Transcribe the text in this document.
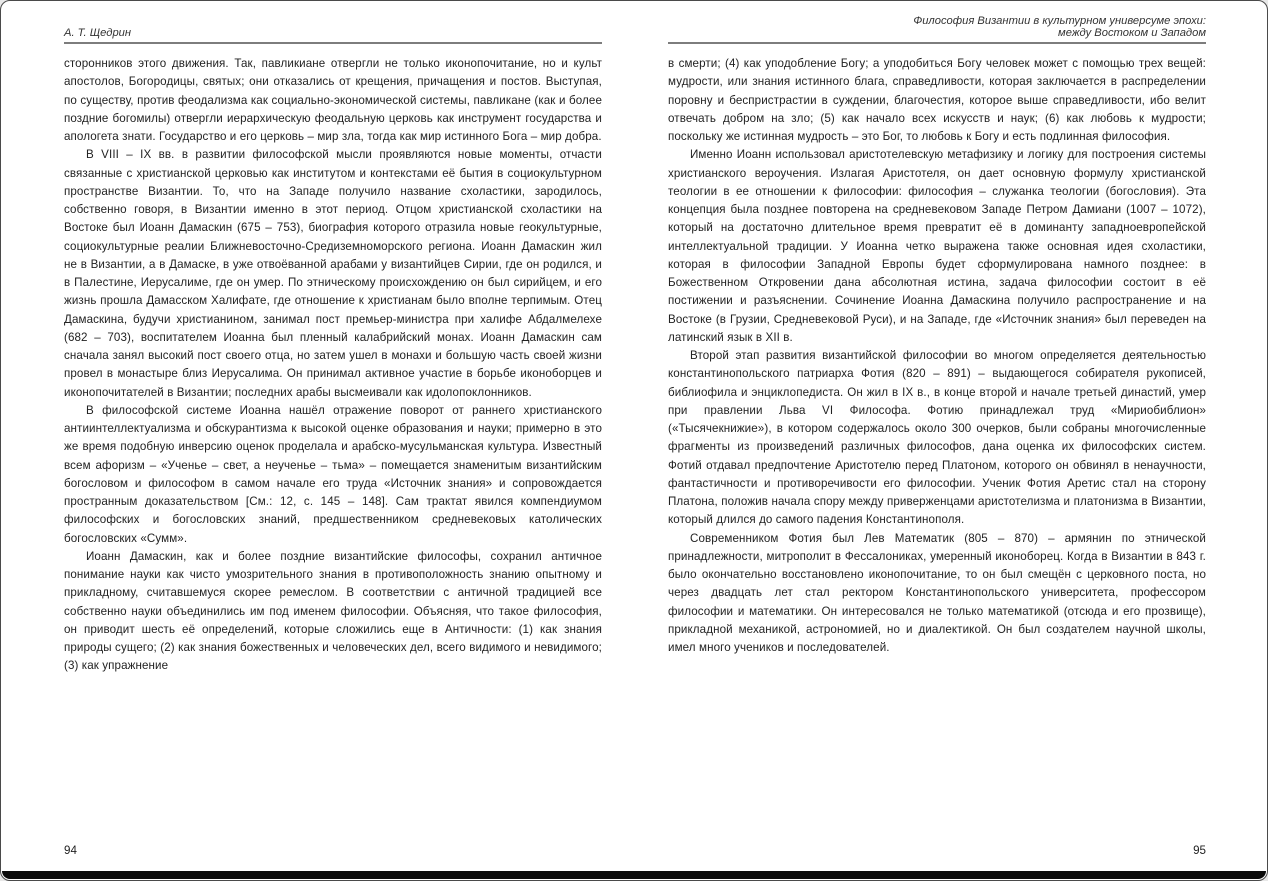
А. Т. Щедрин

сторонников этого движения. Так, павликиане отвергли не только иконопочитание, но и культ апостолов, Богородицы, святых; они отказались от крещения, причащения и постов. Выступая, по существу, против феодализма как социально-экономической системы, павликане (как и более поздние богомилы) отвергли иерархическую феодальную церковь как инструмент государства и апологета знати. Государство и его церковь – мир зла, тогда как мир истинного Бога – мир добра.

В VIII – IX вв. в развитии философской мысли проявляются новые моменты, отчасти связанные с христианской церковью как институтом и контекстами её бытия в социокультурном пространстве Византии. То, что на Западе получило название схоластики, зародилось, собственно говоря, в Византии именно в этот период. Отцом христианской схоластики на Востоке был Иоанн Дамаскин (675 – 753), биография которого отразила новые геокультурные, социокультурные реалии Ближневосточно-Средиземноморского региона. Иоанн Дамаскин жил не в Византии, а в Дамаске, в уже отвоёванной арабами у византийцев Сирии, где он родился, и в Палестине, Иерусалиме, где он умер. По этническому происхождению он был сирийцем, и его жизнь прошла Дамасском Халифате, где отношение к христианам было вполне терпимым. Отец Дамаскина, будучи христианином, занимал пост премьер-министра при халифе Абдалмелехе (682 – 703), воспитателем Иоанна был пленный калабрийский монах. Иоанн Дамаскин сам сначала занял высокий пост своего отца, но затем ушел в монахи и большую часть своей жизни провел в монастыре близ Иерусалима. Он принимал активное участие в борьбе иконоборцев и иконопочитателей в Византии; последних арабы высмеивали как идолопоклонников.

В философской системе Иоанна нашёл отражение поворот от раннего христианского антиинтеллектуализма и обскурантизма к высокой оценке образования и науки; примерно в это же время подобную инверсию оценок проделала и арабско-мусульманская культура. Известный всем афоризм – «Ученье – свет, а неученье – тьма» – помещается знаменитым византийским богословом и философом в самом начале его труда «Источник знания» и сопровождается пространным доказательством [См.: 12, с. 145 – 148]. Сам трактат явился компендиумом философских и богословских знаний, предшественником средневековых католических богословских «Сумм».

Иоанн Дамаскин, как и более поздние византийские философы, сохранил античное понимание науки как чисто умозрительного знания в противоположность знанию опытному и прикладному, считавшемуся скорее ремеслом. В соответствии с античной традицией все собственно науки объединились им под именем философии. Объясняя, что такое философия, он приводит шесть её определений, которые сложились еще в Античности: (1) как знания природы сущего; (2) как знания божественных и человеческих дел, всего видимого и невидимого; (3) как упражнение

94
Философия Византии в культурном универсуме эпохи:
между Востоком и Западом

в смерти; (4) как уподобление Богу; а уподобиться Богу человек может с помощью трех вещей: мудрости, или знания истинного блага, справедливости, которая заключается в распределении поровну и беспристрастии в суждении, благочестия, которое выше справедливости, ибо велит отвечать добром на зло; (5) как начало всех искусств и наук; (6) как любовь к мудрости; поскольку же истинная мудрость – это Бог, то любовь к Богу и есть подлинная философия.

Именно Иоанн использовал аристотелевскую метафизику и логику для построения системы христианского вероучения. Излагая Аристотеля, он дает основную формулу христианской теологии в ее отношении к философии: философия – служанка теологии (богословия). Эта концепция была позднее повторена на средневековом Западе Петром Дамиани (1007 – 1072), который на достаточно длительное время превратит её в доминанту западноевропейской интеллектуальной традиции. У Иоанна четко выражена также основная идея схоластики, которая в философии Западной Европы будет сформулирована намного позднее: в Божественном Откровении дана абсолютная истина, задача философии состоит в её постижении и разъяснении. Сочинение Иоанна Дамаскина получило распространение и на Востоке (в Грузии, Средневековой Руси), и на Западе, где «Источник знания» был переведен на латинский язык в XII в.

Второй этап развития византийской философии во многом определяется деятельностью константинопольского патриарха Фотия (820 – 891) – выдающегося собирателя рукописей, библиофила и энциклопедиста. Он жил в IX в., в конце второй и начале третьей династий, умер при правлении Льва VI Философа. Фотию принадлежал труд «Мириобиблион» («Тысячекнижие»), в котором содержалось около 300 очерков, были собраны многочисленные фрагменты из произведений различных философов, дана оценка их философских систем. Фотий отдавал предпочтение Аристотелю перед Платоном, которого он обвинял в ненаучности, фантастичности и противоречивости его философии. Ученик Фотия Аретис стал на сторону Платона, положив начала спору между приверженцами аристотелизма и платонизма в Византии, который длился до самого падения Константинополя.

Современником Фотия был Лев Математик (805 – 870) – армянин по этнической принадлежности, митрополит в Фессалониках, умеренный иконоборец. Когда в Византии в 843 г. было окончательно восстановлено иконопочитание, то он был смещён с церковного поста, но через двадцать лет стал ректором Константинопольского университета, профессором философии и математики. Он интересовался не только математикой (отсюда и его прозвище), прикладной механикой, астрономией, но и диалектикой. Он был создателем научной школы, имел много учеников и последователей.

95
